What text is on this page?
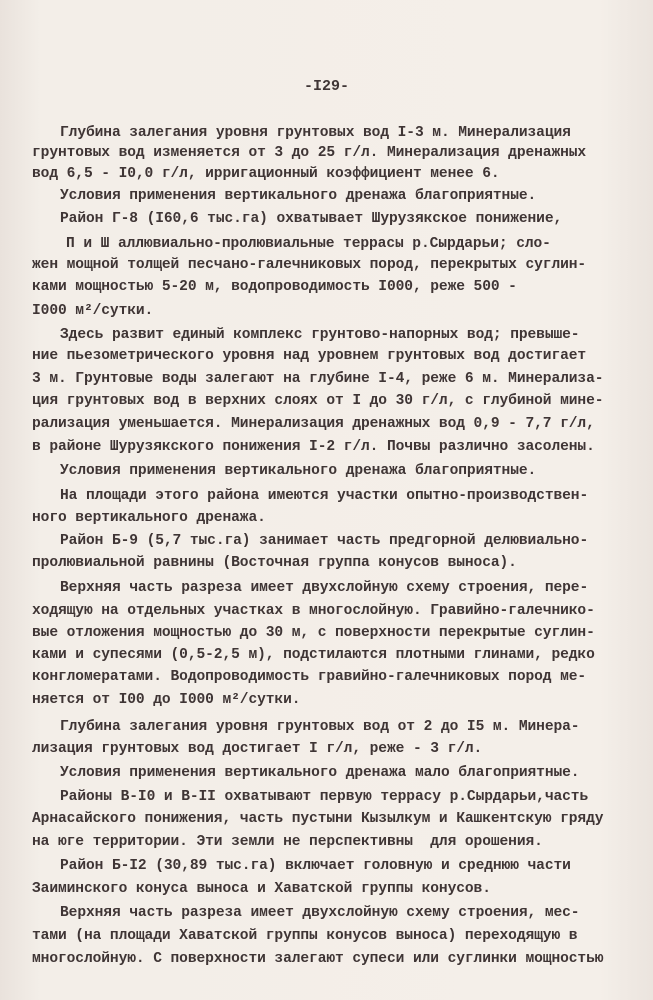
-I29-
Глубина залегания уровня грунтовых вод I-3 м. Минерализация
грунтовых вод изменяется от 3 до 25 г/л. Минерализация дренажных
вод 6,5 - I0,0 г/л, ирригационный коэффициент менее 6.
Условия применения вертикального дренажа благоприятные.
Район Г-8 (I60,6 тыс.га) охватывает Шурузякское понижение,
П и Ш аллювиально-пролювиальные террасы р.Сырдарьи; сло-
жен мощной толщей песчано-галечниковых пород, перекрытых суглин-
ками мощностью 5-20 м, водопроводимость I000, реже 500 -
I000 м²/сутки.
Здесь развит единый комплекс грунтово-напорных вод; превыше-
ние пьезометрического уровня над уровнем грунтовых вод достигает
3 м. Грунтовые воды залегают на глубине I-4, реже 6 м. Минерализа-
ция грунтовых вод в верхних слоях от I до 30 г/л, с глубиной мине-
рализация уменьшается. Минерализация дренажных вод 0,9 - 7,7 г/л,
в районе Шурузякского понижения I-2 г/л. Почвы различно засолены.
Условия применения вертикального дренажа благоприятные.
На площади этого района имеются участки опытно-производствен-
ного вертикального дренажа.
Район Б-9 (5,7 тыс.га) занимает часть предгорной делювиально-
пролювиальной равнины (Восточная группа конусов выноса).
Верхняя часть разреза имеет двухслойную схему строения, пере-
ходящую на отдельных участках в многослойную. Гравийно-галечнико-
вые отложения мощностью до 30 м, с поверхности перекрытые суглин-
ками и супесями (0,5-2,5 м), подстилаются плотными глинами, редко
конгломератами. Водопроводимость гравийно-галечниковых пород ме-
няется от I00 до I000 м²/сутки.
Глубина залегания уровня грунтовых вод от 2 до I5 м. Минера-
лизация грунтовых вод достигает I г/л, реже - 3 г/л.
Условия применения вертикального дренажа мало благоприятные.
Районы В-I0 и В-II охватывают первую террасу р.Сырдарьи,часть
Арнасайского понижения, часть пустыни Кызылкум и Кашкентскую гряду
на юге территории. Эти земли не перспективны  для орошения.
Район Б-I2 (30,89 тыс.га) включает головную и среднюю части
Заиминского конуса выноса и Хаватской группы конусов.
Верхняя часть разреза имеет двухслойную схему строения, мес-
тами (на площади Хаватской группы конусов выноса) переходящую в
многослойную. С поверхности залегают супеси или суглинки мощностью
